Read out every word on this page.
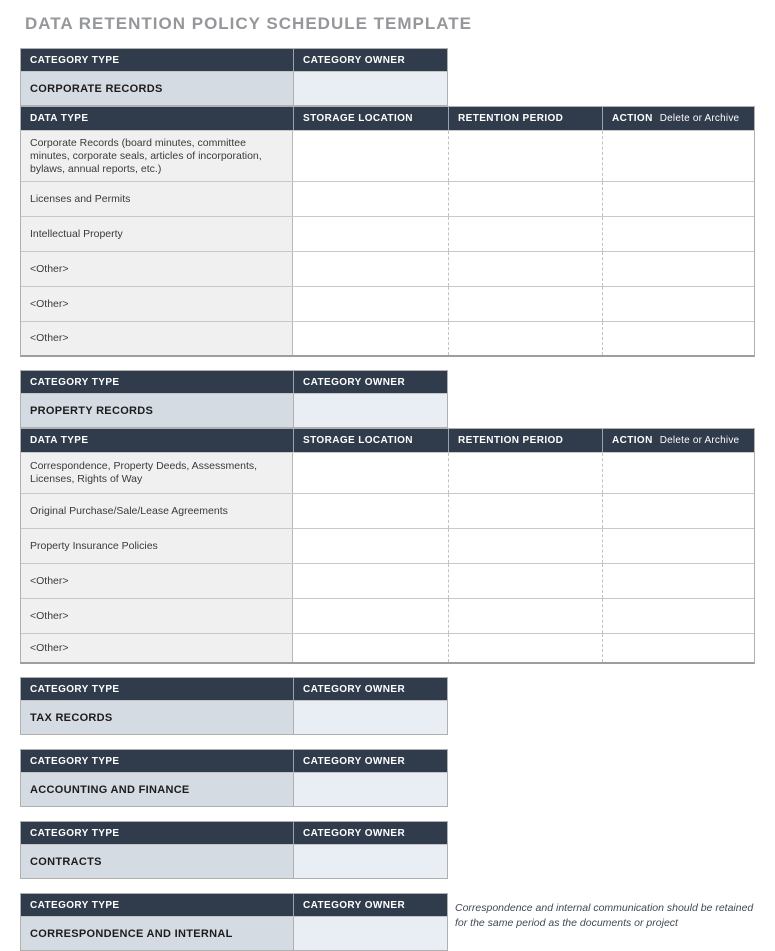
DATA RETENTION POLICY SCHEDULE TEMPLATE
CATEGORY TYPE	CATEGORY OWNER
CORPORATE RECORDS
DATA TYPE	STORAGE LOCATION	RETENTION PERIOD	ACTION Delete or Archive
Corporate Records (board minutes, committee minutes, corporate seals, articles of incorporation, bylaws, annual reports, etc.)
Licenses and Permits
Intellectual Property
<Other>
<Other>
<Other>
CATEGORY TYPE	CATEGORY OWNER
PROPERTY RECORDS
DATA TYPE	STORAGE LOCATION	RETENTION PERIOD	ACTION Delete or Archive
Correspondence, Property Deeds, Assessments, Licenses, Rights of Way
Original Purchase/Sale/Lease Agreements
Property Insurance Policies
<Other>
<Other>
<Other>
CATEGORY TYPE	CATEGORY OWNER
TAX RECORDS
CATEGORY TYPE	CATEGORY OWNER
ACCOUNTING AND FINANCE
CATEGORY TYPE	CATEGORY OWNER
CONTRACTS
CATEGORY TYPE	CATEGORY OWNER
CORRESPONDENCE AND INTERNAL
Correspondence and internal communication should be retained for the same period as the documents or project
